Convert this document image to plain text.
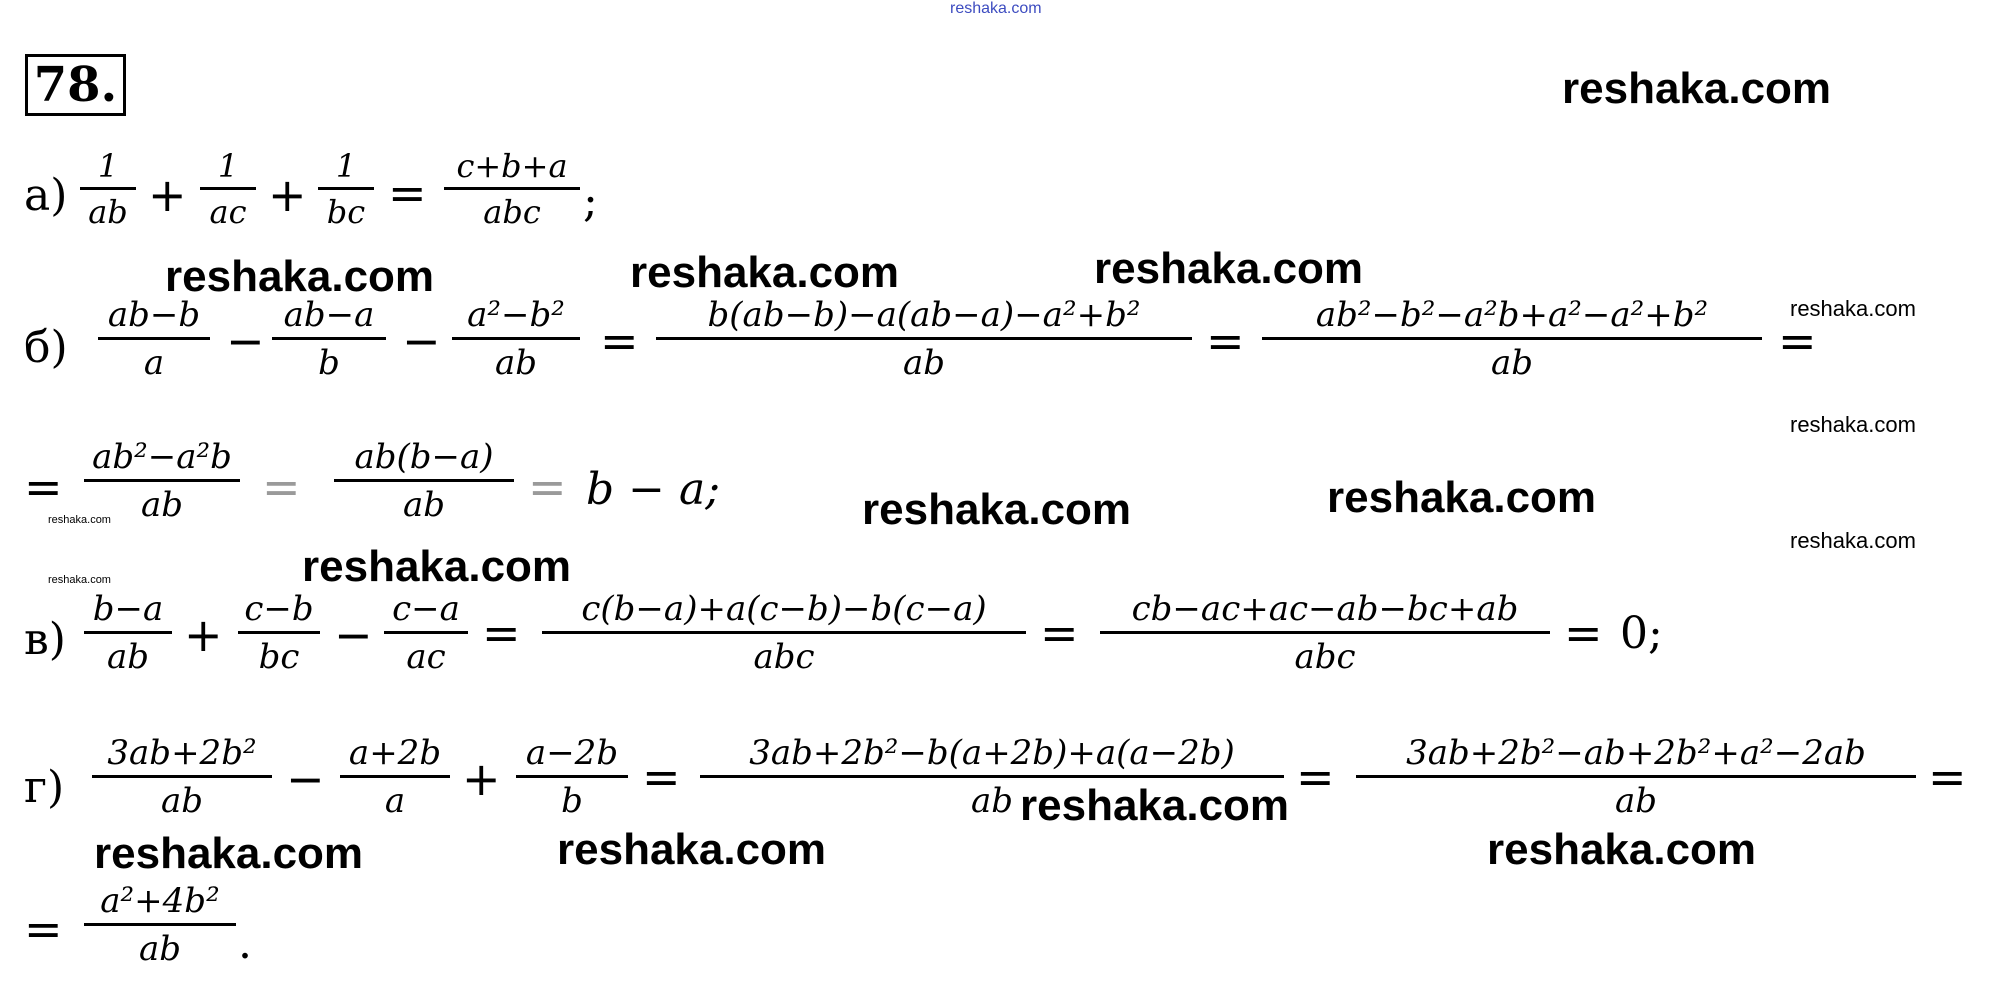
reshaka.com
78.	reshaka.com
reshaka.com	reshaka.com	reshaka.com
reshaka.com	reshaka.com
reshaka.com
reshaka.com
reshaka.com	reshaka.com	reshaka.com
reshaka.com
reshaka.com
reshaka.com
reshaka.com
reshaka.com
а)
1
ab +
1
ac +
1
bc = c+b+a
abc ;
б)
ab−b
a − ab−a
b − a²−b²
ab = b(ab−b)−a(ab−a)−a²+b²
ab	= ab²−b²−a²b+a²−a²+b²
ab	=
=
ab²−a²b
ab =
ab(b−a)
ab = b − a;
в)
b−a
ab + c−b
bc − c−a
ac = c(b−a)+a(c−b)−b(c−a)
abc	= cb−ac+ac−ab−bc+ab
abc	= 0;
г)
3ab+2b²
ab − a+2b
a + a−2b
b = 3ab+2b²−b(a+2b)+a(a−2b)
ab	= 3ab+2b²−ab+2b²+a²−2ab
ab	=
=
a²+4b²
ab .
